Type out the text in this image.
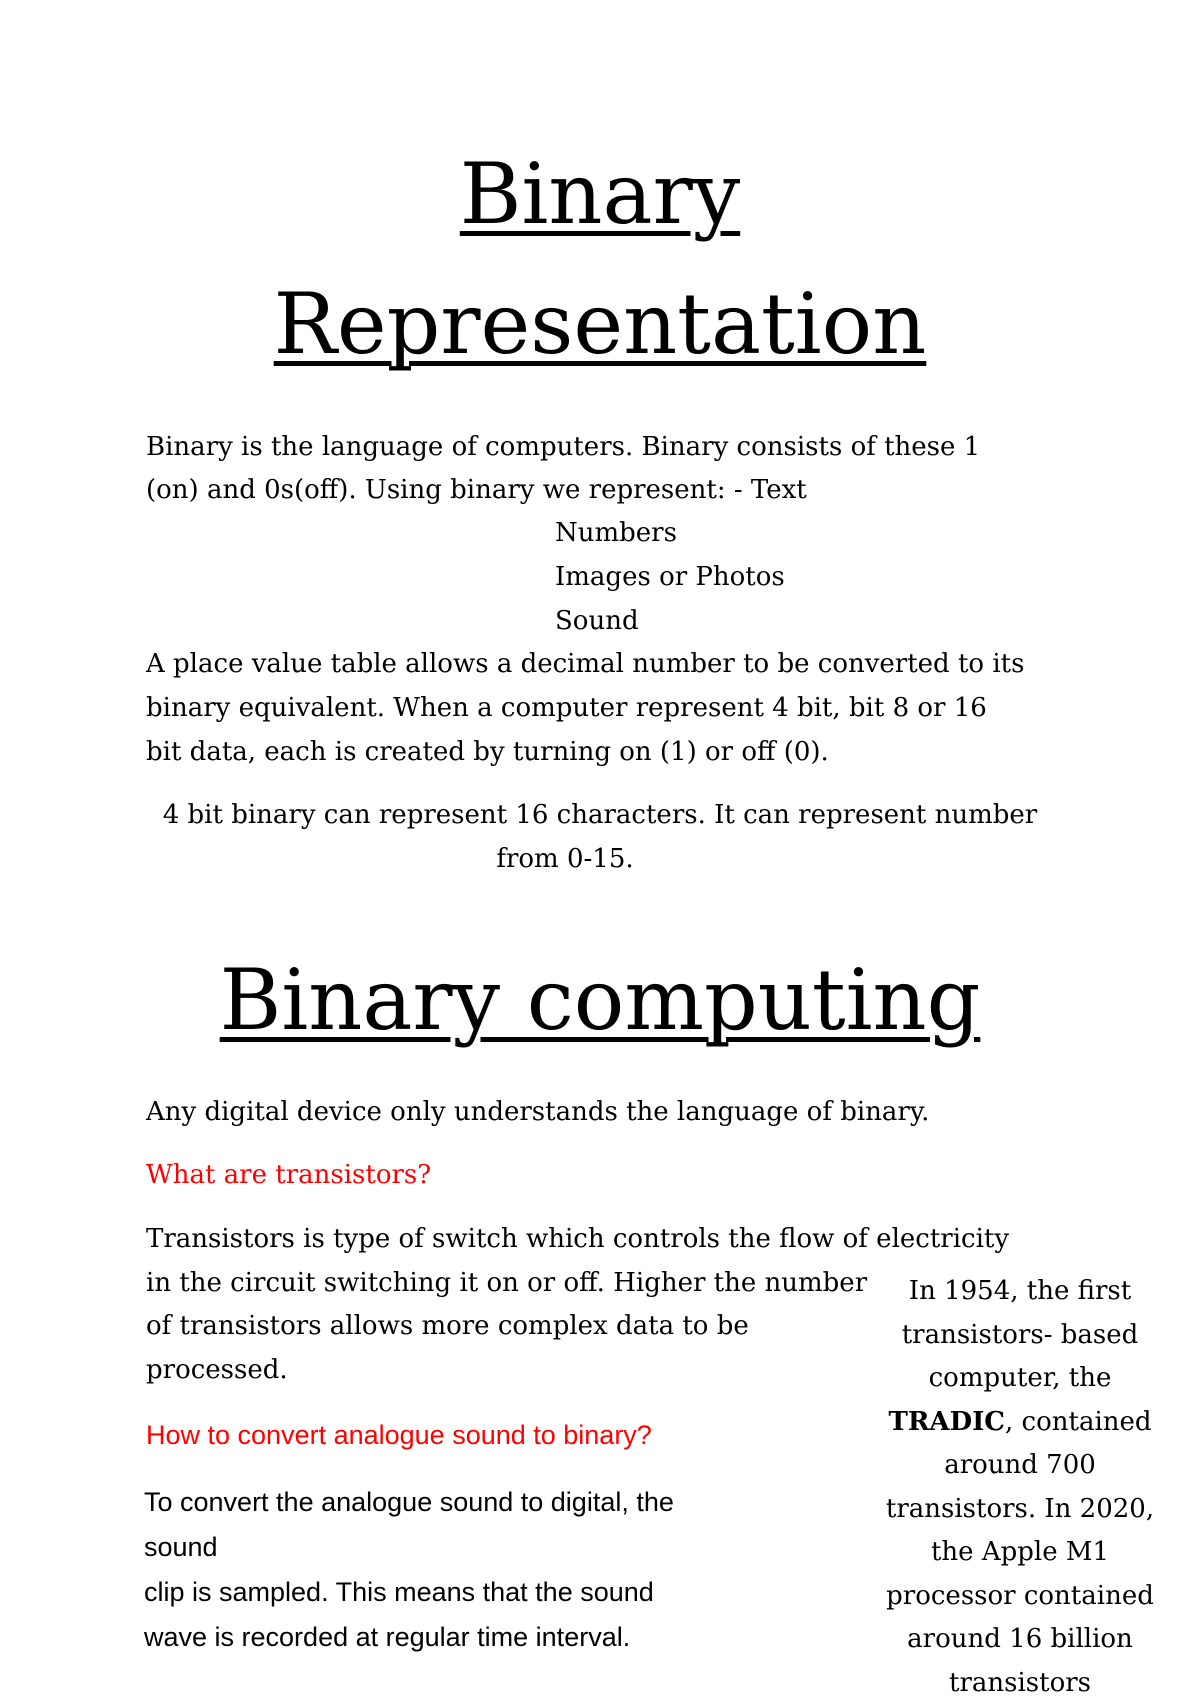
Binary
Representation
Binary is the language of computers. Binary consists of these 1
(on) and 0s(off). Using binary we represent: - Text
Numbers
Images or Photos
Sound
A place value table allows a decimal number to be converted to its
binary equivalent. When a computer represent 4 bit, bit 8 or 16
bit data, each is created by turning on (1) or off (0).
4 bit binary can represent 16 characters. It can represent number
from 0-15.
Binary computing
Any digital device only understands the language of binary.
What are transistors?
Transistors is type of switch which controls the flow of electricity
in the circuit switching it on or off. Higher the number
of transistors allows more complex data to be
processed.
How to convert analogue sound to binary?
To convert the analogue sound to digital, the
sound
clip is sampled. This means that the sound
wave is recorded at regular time interval.
In 1954, the first transistors- based computer, the TRADIC, contained around 700 transistors. In 2020, the Apple M1 processor contained around 16 billion transistors
